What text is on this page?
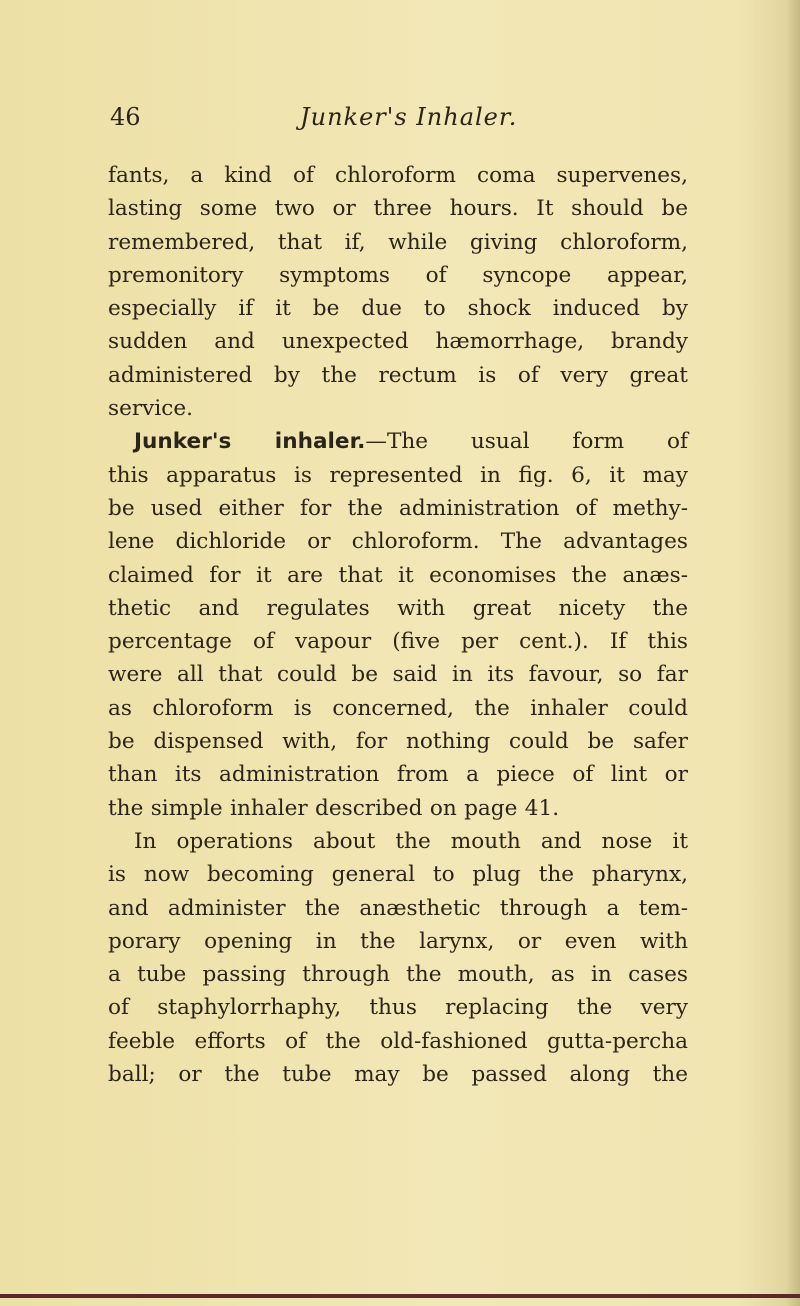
46	Junker's Inhaler.
fants, a kind of chloroform coma supervenes,
lasting some two or three hours. It should be
remembered, that if, while giving chloroform,
premonitory symptoms of syncope appear,
especially if it be due to shock induced by
sudden and unexpected hæmorrhage, brandy
administered by the rectum is of very great
service.
Junker's inhaler.—The usual form of
this apparatus is represented in fig. 6, it may
be used either for the administration of methy-
lene dichloride or chloroform. The advantages
claimed for it are that it economises the anæs-
thetic and regulates with great nicety the
percentage of vapour (five per cent.). If this
were all that could be said in its favour, so far
as chloroform is concerned, the inhaler could
be dispensed with, for nothing could be safer
than its administration from a piece of lint or
the simple inhaler described on page 41.
In operations about the mouth and nose it
is now becoming general to plug the pharynx,
and administer the anæsthetic through a tem-
porary opening in the larynx, or even with
a tube passing through the mouth, as in cases
of staphylorrhaphy, thus replacing the very
feeble efforts of the old-fashioned gutta-percha
ball; or the tube may be passed along the
